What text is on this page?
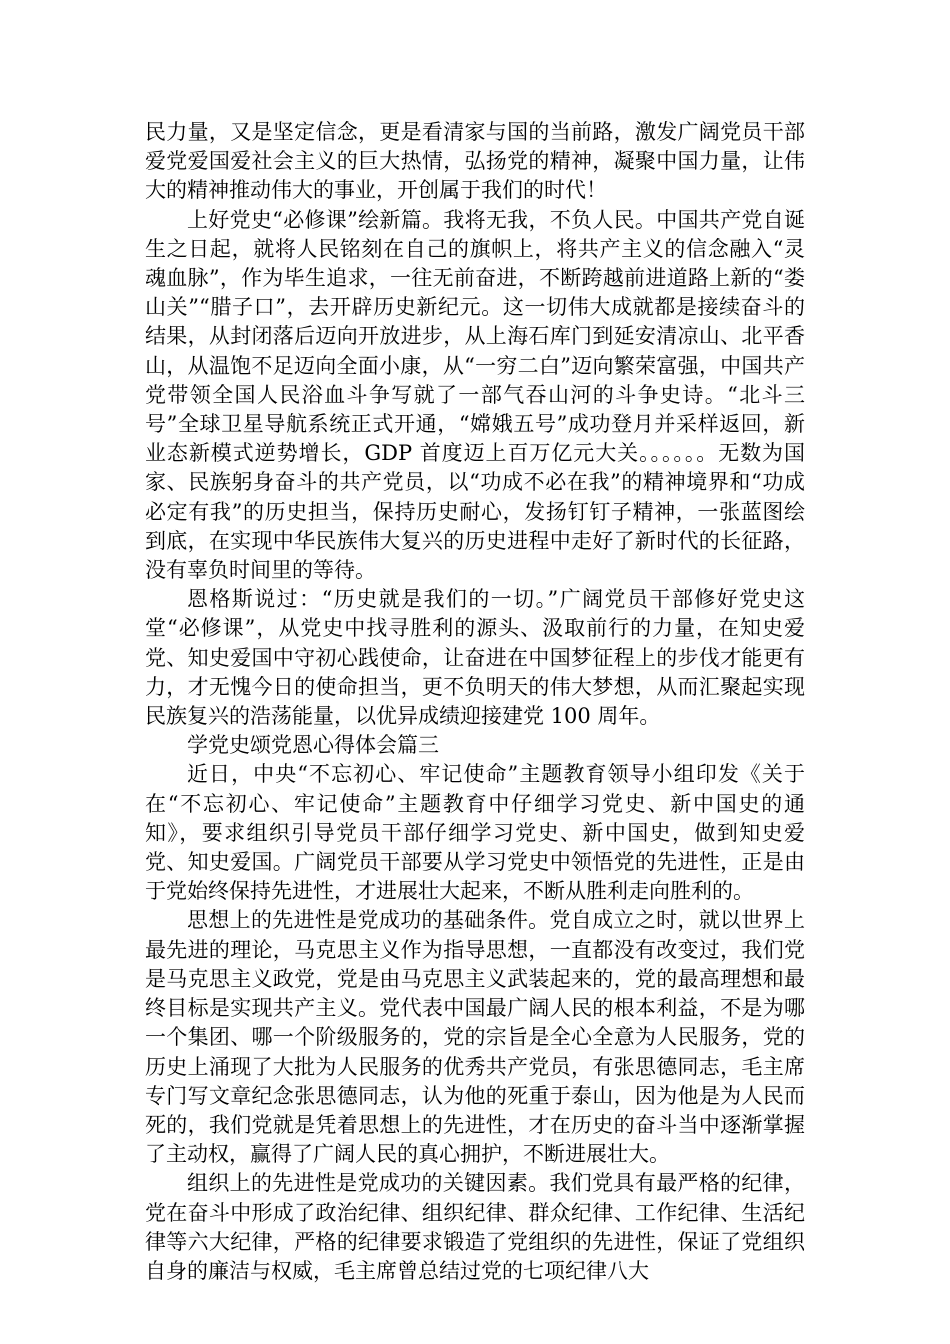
民力量，又是坚定信念，更是看清家与国的当前路，激发广阔党员干部爱党爱国爱社会主义的巨大热情，弘扬党的精神，凝聚中国力量，让伟大的精神推动伟大的事业，开创属于我们的时代！

上好党史“必修课”绘新篇。我将无我，不负人民。中国共产党自诞生之日起，就将人民铭刻在自己的旗帜上，将共产主义的信念融入“灵魂血脉”，作为毕生追求，一往无前奋进，不断跨越前进道路上新的“娄山关”“腊子口”，去开辟历史新纪元。这一切伟大成就都是接续奋斗的结果，从封闭落后迈向开放进步，从上海石库门到延安清凉山、北平香山，从温饱不足迈向全面小康，从“一穷二白”迈向繁荣富强，中国共产党带领全国人民浴血斗争写就了一部气吞山河的斗争史诗。“北斗三号”全球卫星导航系统正式开通，“嫦娥五号”成功登月并采样返回，新业态新模式逆势增长，GDP 首度迈上百万亿元大关。。。。。。无数为国家、民族躬身奋斗的共产党员，以“功成不必在我”的精神境界和“功成必定有我”的历史担当，保持历史耐心，发扬钉钉子精神，一张蓝图绘到底，在实现中华民族伟大复兴的历史进程中走好了新时代的长征路，没有辜负时间里的等待。

恩格斯说过：“历史就是我们的一切。”广阔党员干部修好党史这堂“必修课”，从党史中找寻胜利的源头、汲取前行的力量，在知史爱党、知史爱国中守初心践使命，让奋进在中国梦征程上的步伐才能更有力，才无愧今日的使命担当，更不负明天的伟大梦想，从而汇聚起实现民族复兴的浩荡能量，以优异成绩迎接建党 100 周年。

学党史颂党恩心得体会篇三

近日，中央“不忘初心、牢记使命”主题教育领导小组印发《关于在“不忘初心、牢记使命”主题教育中仔细学习党史、新中国史的通知》，要求组织引导党员干部仔细学习党史、新中国史，做到知史爱党、知史爱国。广阔党员干部要从学习党史中领悟党的先进性，正是由于党始终保持先进性，才进展壮大起来，不断从胜利走向胜利的。

思想上的先进性是党成功的基础条件。党自成立之时，就以世界上最先进的理论，马克思主义作为指导思想，一直都没有改变过，我们党是马克思主义政党，党是由马克思主义武装起来的，党的最高理想和最终目标是实现共产主义。党代表中国最广阔人民的根本利益，不是为哪一个集团、哪一个阶级服务的，党的宗旨是全心全意为人民服务，党的历史上涌现了大批为人民服务的优秀共产党员，有张思德同志，毛主席专门写文章纪念张思德同志，认为他的死重于泰山，因为他是为人民而死的，我们党就是凭着思想上的先进性，才在历史的奋斗当中逐渐掌握了主动权，赢得了广阔人民的真心拥护，不断进展壮大。

组织上的先进性是党成功的关键因素。我们党具有最严格的纪律，党在奋斗中形成了政治纪律、组织纪律、群众纪律、工作纪律、生活纪律等六大纪律，严格的纪律要求锻造了党组织的先进性，保证了党组织自身的廉洁与权威，毛主席曾总结过党的七项纪律八大
